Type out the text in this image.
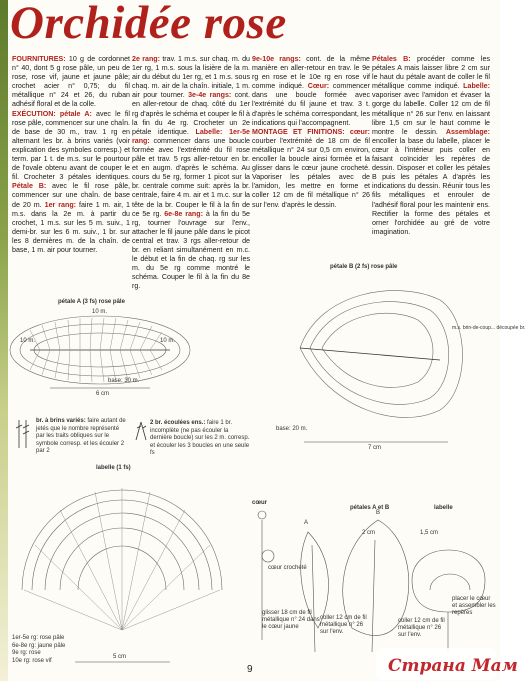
Orchidée rose

FOURNITURES: 10 g de cordonnet n° 40, dont 5 g rose pâle, un peu de rose, rose vif, jaune et jaune pâle; crochet acier n° 0,75; du fil métallique n° 24 et 26, du ruban adhésif floral et de la colle.

EXÉCUTION: pétale A: avec le fil rose pâle, commencer sur une chaîn. de base de 30 m., trav. 1 rg en alternant les br. à brins variés (voir explication des symboles corresp.) et term. par 1 t. de m.s. sur le pourtour de l'ovale obtenu avant de couper le fil. Crocheter 3 pétales identiques. Pétale B: avec le fil rose pâle, commencer sur une chaîn. de base de 20 m. 1er rang: faire 1 m. air, 1 m.s. dans la 2e m. à partir du crochet, 1 m.s. sur les 5 m. suiv., 1 demi-br. sur les 6 m. suiv., 1 br. sur les 8 dernières m. de la chaîn. de base, 1 m. air pour tourner.

2e rang: trav. 1 m.s. sur chaq. m. du 1er rg, 1 m.s. sous la lisière de la m. air du début du 1er rg, et 1 m.s. sous chaq. m. air de la chaîn. initiale, 1 m. air pour tourner. 3e-4e rangs: cont. en aller-retour de chaq. côté du 1er rg d'après le schéma et couper le fil à la fin du 4e rg. Crocheter un 2e pétale identique. Labelle: 1er-5e rang: commencer dans une boucle formée avec l'extrémité du fil rose pâle et trav. 5 rgs aller-retour en br. et en augm. d'après le schéma. Au cours du 5e rg, former 1 picot sur la br. centrale comme suit: après la br. centrale, faire 4 m. air et 1 m.c. sur la tête de la br. Couper le fil à la fin de ce 5e rg. 6e-8e rang: à la fin du 5e rg, tourner l'ouvrage sur l'env., attacher le fil jaune pâle dans le picot central et trav. 3 rgs aller-retour de br. en reliant simultanément en m.c. le début et la fin de chaq. rg sur les m. du 5e rg comme montré le schéma. Couper le fil à la fin du 8e rg.

9e-10e rangs: cont. de la même manière en aller-retour en trav. le 9e rg en rose et le 10e rg en rose vif comme indiqué. Cœur: commencer dans une boucle formée avec l'extrémité du fil jaune et trav. 3 t. d'après le schéma correspondant, les indications qui l'accompagnent.

MONTAGE ET FINITIONS: cœur: courber l'extrémité de 18 cm de fil métallique n° 24 sur 0,5 cm environ, encoller la boucle ainsi formée et la glisser dans le cœur jaune crocheté. Vaporiser les pétales avec de l'amidon, les mettre en forme et coller 12 cm de fil métallique n° 26 sur l'env. d'après le dessin.

Pétales B: procéder comme les pétales A mais laisser libre 2 cm sur le haut du pétale avant de coller le fil métallique comme indiqué. Labelle: vaporiser avec l'amidon et évaser la gorge du labelle. Coller 12 cm de fil métallique n° 26 sur l'env. en laissant libre 1,5 cm sur le haut comme le montre le dessin. Assemblage: encoller la base du labelle, placer le cœur à l'intérieur puis coller en faisant coïncider les repères de dessin. Disposer et coller les pétales B puis les pétales A d'après les indications du dessin. Réunir tous les fils métalliques et enrouler de l'adhésif floral pour les maintenir ens. Rectifier la forme des pétales et orner l'orchidée au gré de votre imagination.

pétale A (3 fs) rose pâle
10 m.
10 m.	10 m.
base: 30 m.
6 cm
pétale B (2 fs) rose pâle
base: 20 m.
7 cm
m.s. brin-de-coup... découpée br.
labelle (1 fs)
5 cm
1er-5e rg: rose pâle
6e-8e rg: jaune pâle
9e rg: rose
10e rg: rose vif
cœur
cœur crocheté
glisser 18 cm de fil métallique n° 24 dans le cœur jaune
pétales A et B
A
B
2 cm
coller 12 cm de fil métallique n° 26 sur l'env.
labelle
1,5 cm
placer le cœur et assembler les repères
coller 12 cm de fil métallique n° 26 sur l'env.
br. à brins variés: faire autant de jetés que le nombre représenté par les traits obliques sur le symbole corresp. et les écouler 2 par 2
2 br. écoulées ens.: faire 1 br. incomplète (ne pas écouler la dernière boucle) sur les 2 m. corresp. et écouler les 3 boucles en une seule fs
9	Страна Мам
